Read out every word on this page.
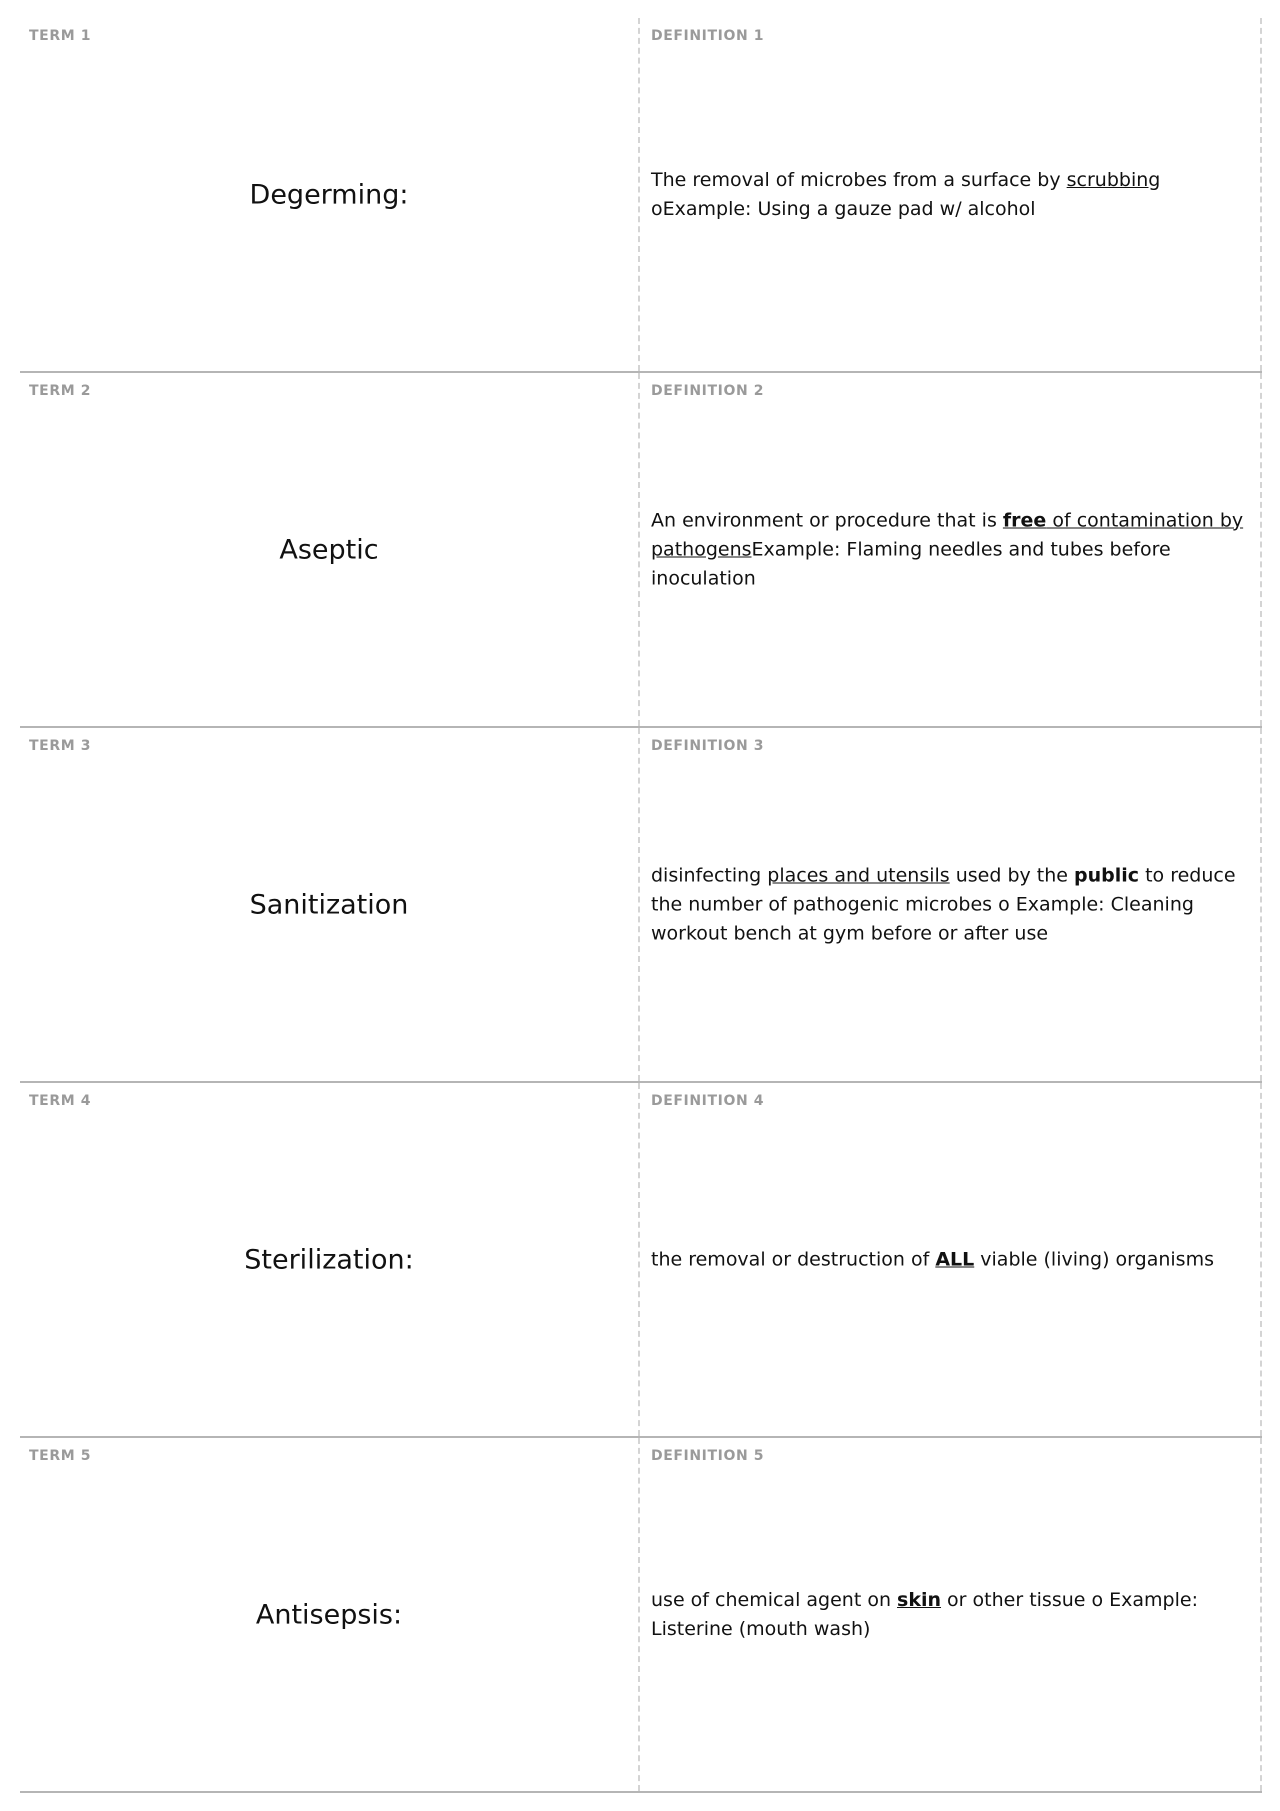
TERM 1
Degerming:
DEFINITION 1
The removal of microbes from a surface by scrubbing
oExample: Using a gauze pad w/ alcohol
TERM 2
Aseptic
DEFINITION 2
An environment or procedure that is free of contamination by pathogensExample: Flaming needles and tubes before inoculation
TERM 3
Sanitization
DEFINITION 3
disinfecting places and utensils used by the public to reduce the number of pathogenic microbes o Example: Cleaning workout bench at gym before or after use
TERM 4
Sterilization:
DEFINITION 4
the removal or destruction of ALL viable (living) organisms
TERM 5
Antisepsis:
DEFINITION 5
use of chemical agent on skin or other tissue o Example: Listerine (mouth wash)
